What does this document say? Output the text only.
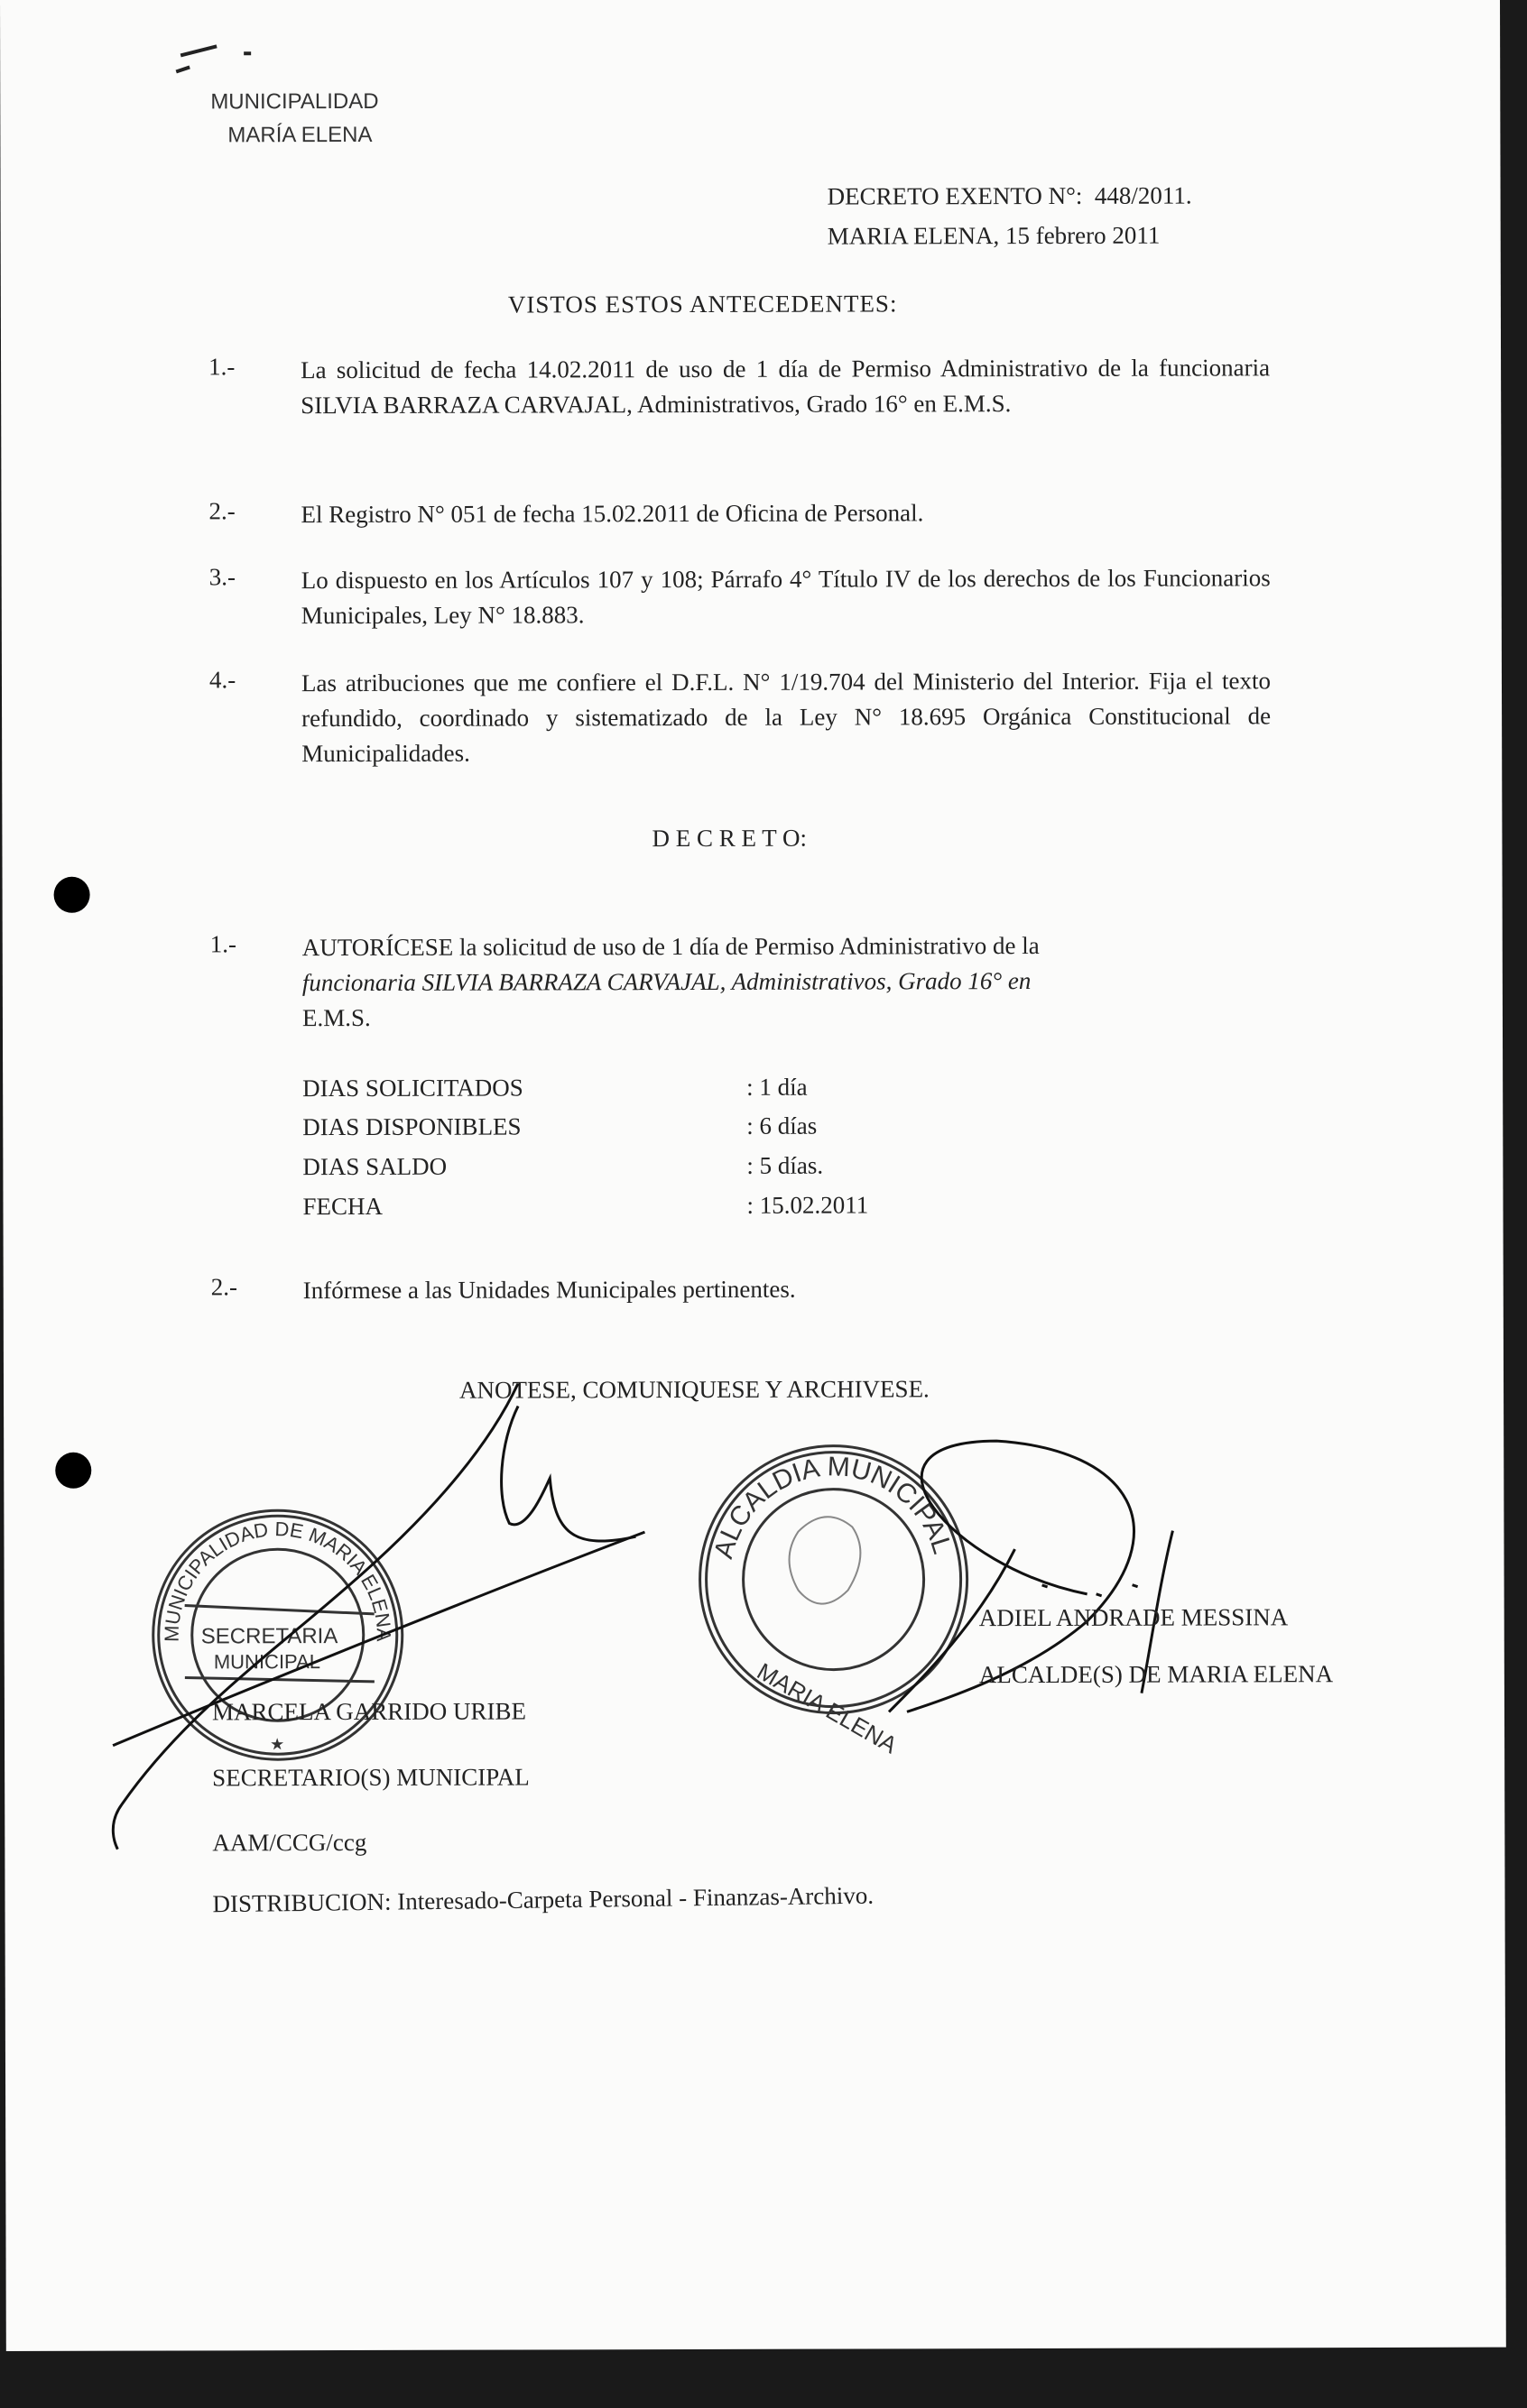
MUNICIPALIDAD
MARÍA ELENA
DECRETO EXENTO N°: 448/2011.
MARIA ELENA, 15 febrero 2011
VISTOS ESTOS ANTECEDENTES:
1.-	La solicitud de fecha 14.02.2011 de uso de 1 día de Permiso Administrativo de la funcionaria SILVIA BARRAZA CARVAJAL, Administrativos, Grado 16° en E.M.S.
2.-	El Registro N° 051 de fecha 15.02.2011 de Oficina de Personal.
3.-	Lo dispuesto en los Artículos 107 y 108; Párrafo 4° Título IV de los derechos de los Funcionarios Municipales, Ley N° 18.883.
4.-	Las atribuciones que me confiere el D.F.L. N° 1/19.704 del Ministerio del Interior. Fija el texto refundido, coordinado y sistematizado de la Ley N° 18.695 Orgánica Constitucional de Municipalidades.
D E C R E T O:
1.-	AUTORÍCESE la solicitud de uso de 1 día de Permiso Administrativo de la
funcionaria SILVIA BARRAZA CARVAJAL, Administrativos, Grado 16° en
E.M.S.
DIAS SOLICITADOS	: 1 día
DIAS DISPONIBLES	: 6 días
DIAS SALDO	: 5 días.
FECHA	: 15.02.2011
2.-	Infórmese a las Unidades Municipales pertinentes.
ANOTESE, COMUNIQUESE Y ARCHIVESE.
MUNICIPALIDAD DE MARIA ELENA
SECRETARIA
MUNICIPAL
★
ALCALDIA MUNICIPAL
MARIA ELENA
ADIEL ANDRADE MESSINA
ALCALDE(S) DE MARIA ELENA
MARCELA GARRIDO URIBE
SECRETARIO(S) MUNICIPAL
AAM/CCG/ccg
DISTRIBUCION: Interesado-Carpeta Personal - Finanzas-Archivo.
